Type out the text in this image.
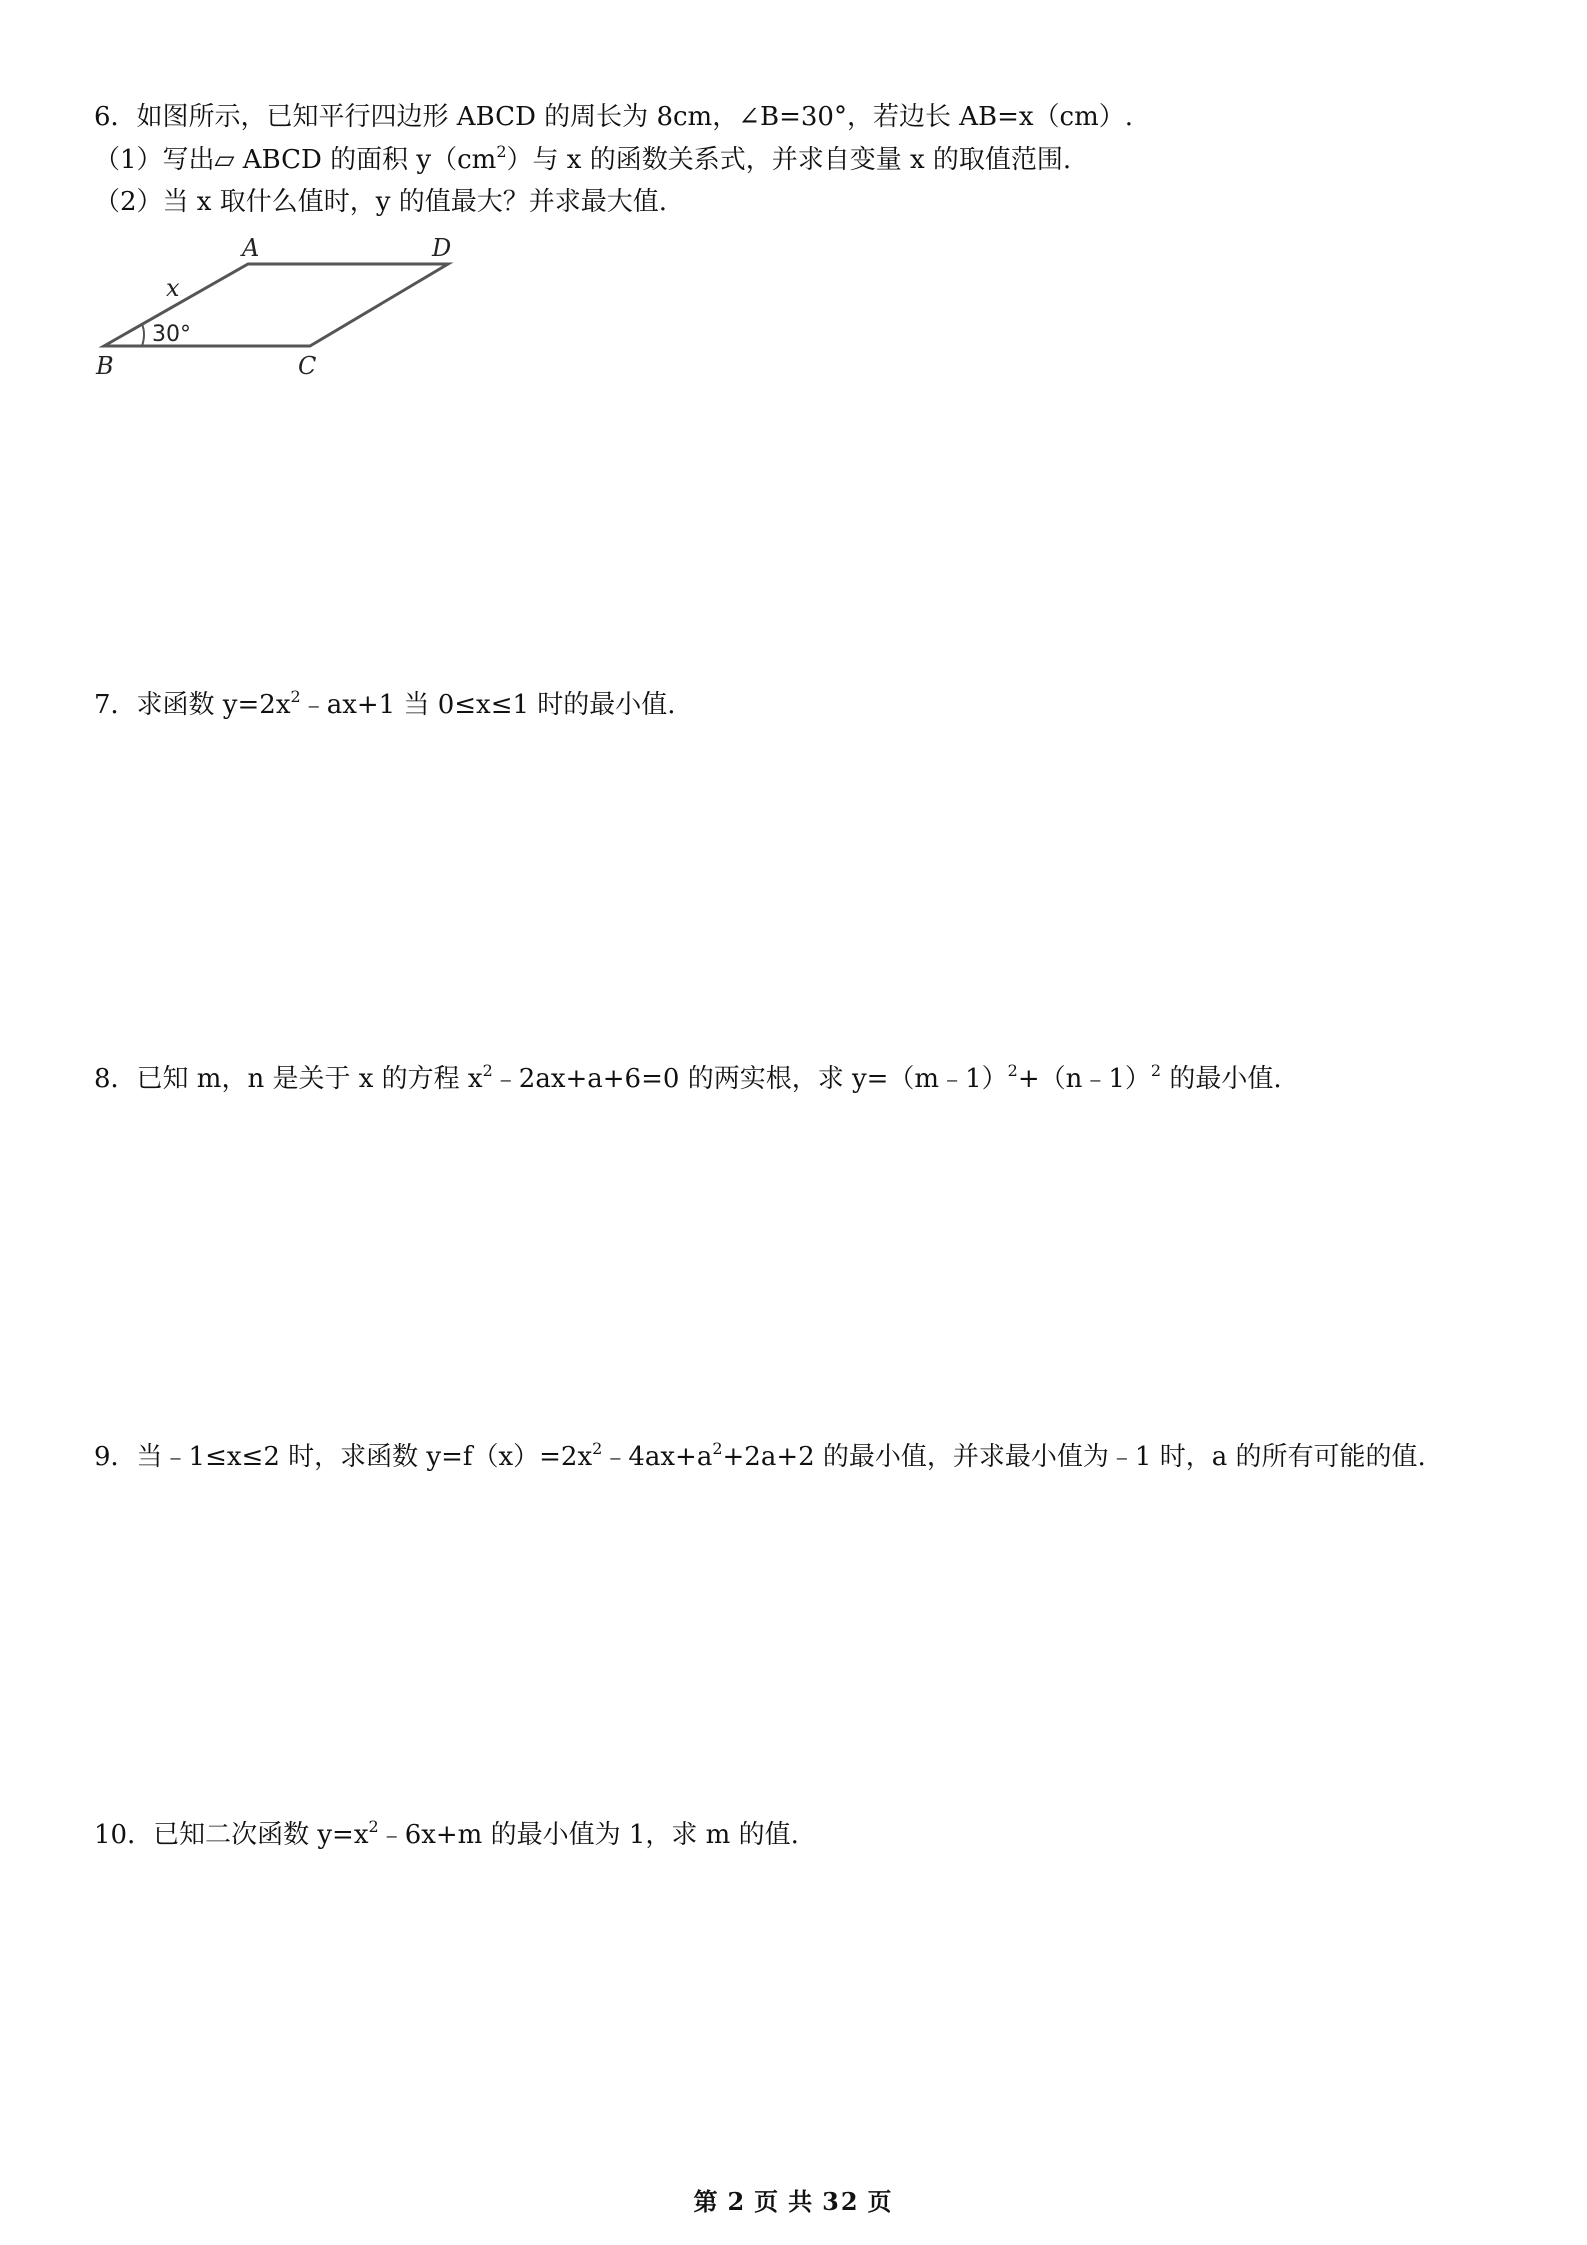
6．如图所示，已知平行四边形 ABCD 的周长为 8cm，∠B=30°，若边长 AB=x（cm）.
（1）写出▱ ABCD 的面积 $y(cm^2)$与 x 的函数关系式，并求自变量 x 的取值范围.
（2）当 x 取什么值时，y 的值最大？并求最大值.
A	D
B	C
x
30°
7．求函数 $y=2x^2﹣ax+1$ 当 0≤x≤1 时的最小值.
8．已知 m，n 是关于 x 的方程 $x^2﹣2ax+a+6=0$ 的两实根，求 y=（m﹣1）$^2$+（n﹣1）$^2$ 的最小值.
9．当﹣1≤x≤2 时，求函数 $y=f(x)=2x^2﹣4ax+a^2+2a+2$ 的最小值，并求最小值为﹣1 时，a 的所有可能的值.
10．已知二次函数 $y=x^2﹣6x+m$ 的最小值为 1，求 m 的值.
第 2 页 共 32 页
